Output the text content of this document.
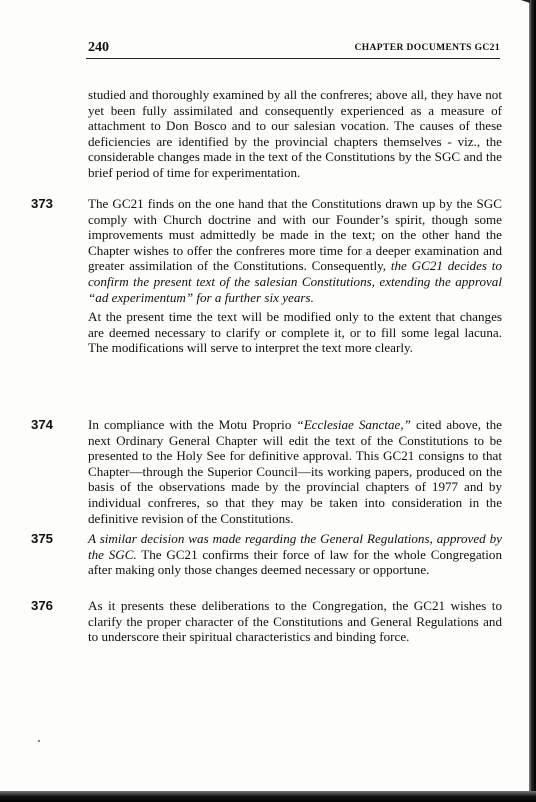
240	CHAPTER DOCUMENTS GC21

studied and thoroughly examined by all the confreres; above all, they have not yet been fully assimilated and consequently experienced as a measure of attachment to Don Bosco and to our salesian vocation. The causes of these deficiencies are identified by the provincial chapters themselves - viz., the considerable changes made in the text of the Constitutions by the SGC and the brief period of time for experimentation.

373	The GC21 finds on the one hand that the Constitutions drawn up by the SGC comply with Church doctrine and with our Founder’s spirit, though some improvements must admittedly be made in the text; on the other hand the Chapter wishes to offer the confreres more time for a deeper examination and greater assimilation of the Constitutions. Consequently, the GC21 decides to confirm the present text of the salesian Constitutions, extending the approval “ad experimentum” for a further six years.

At the present time the text will be modified only to the extent that changes are deemed necessary to clarify or complete it, or to fill some legal lacuna. The modifications will serve to interpret the text more clearly.

374	In compliance with the Motu Proprio “Ecclesiae Sanctae,” cited above, the next Ordinary General Chapter will edit the text of the Constitutions to be presented to the Holy See for definitive approval. This GC21 consigns to that Chapter—through the Superior Council—its working papers, produced on the basis of the observations made by the provincial chapters of 1977 and by individual confreres, so that they may be taken into consideration in the definitive revision of the Constitutions.

375	A similar decision was made regarding the General Regulations, approved by the SGC. The GC21 confirms their force of law for the whole Congregation after making only those changes deemed necessary or opportune.

376	As it presents these deliberations to the Congregation, the GC21 wishes to clarify the proper character of the Constitutions and General Regulations and to underscore their spiritual characteristics and binding force.
